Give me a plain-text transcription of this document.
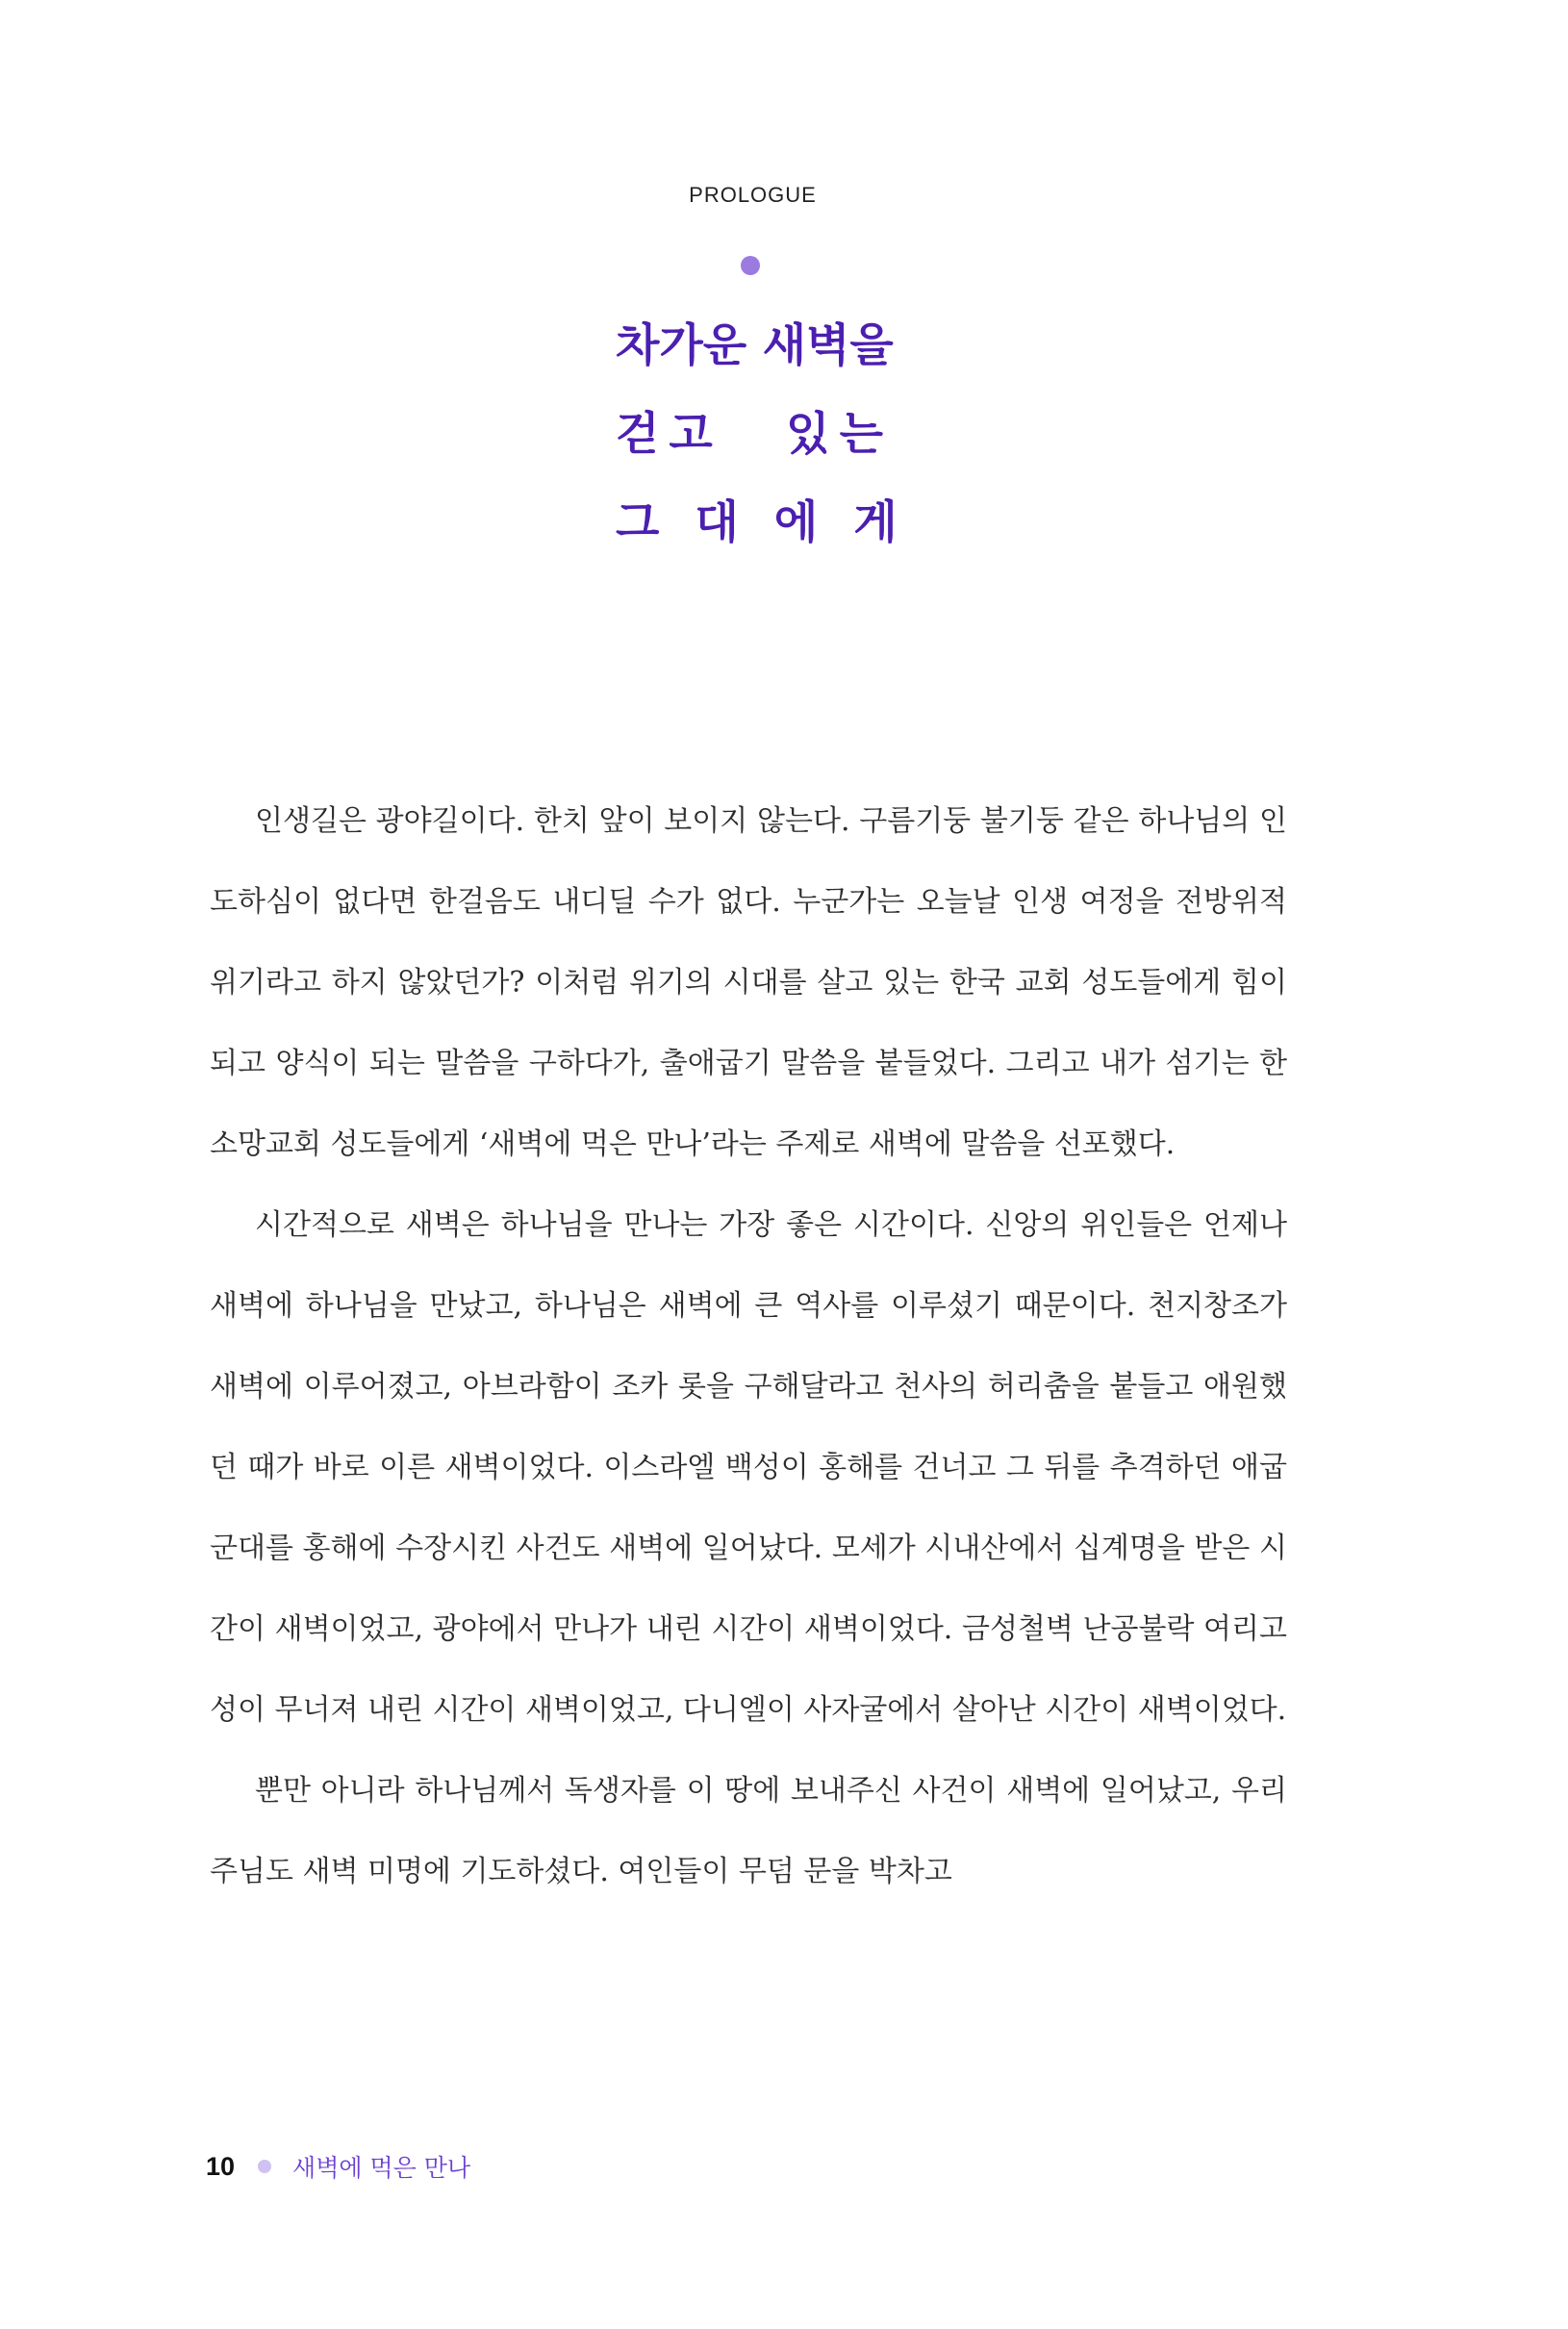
PROLOGUE
차가운 새벽을
걷고 있는
그대에게

인생길은 광야길이다. 한치 앞이 보이지 않는다. 구름기둥 불기둥 같은 하나님의 인도하심이 없다면 한걸음도 내디딜 수가 없다. 누군가는 오늘날 인생 여정을 전방위적 위기라고 하지 않았던가? 이처럼 위기의 시대를 살고 있는 한국 교회 성도들에게 힘이 되고 양식이 되는 말씀을 구하다가, 출애굽기 말씀을 붙들었다. 그리고 내가 섬기는 한소망교회 성도들에게 ‘새벽에 먹은 만나’라는 주제로 새벽에 말씀을 선포했다.

시간적으로 새벽은 하나님을 만나는 가장 좋은 시간이다. 신앙의 위인들은 언제나 새벽에 하나님을 만났고, 하나님은 새벽에 큰 역사를 이루셨기 때문이다. 천지창조가 새벽에 이루어졌고, 아브라함이 조카 롯을 구해달라고 천사의 허리춤을 붙들고 애원했던 때가 바로 이른 새벽이었다. 이스라엘 백성이 홍해를 건너고 그 뒤를 추격하던 애굽 군대를 홍해에 수장시킨 사건도 새벽에 일어났다. 모세가 시내산에서 십계명을 받은 시간이 새벽이었고, 광야에서 만나가 내린 시간이 새벽이었다. 금성철벽 난공불락 여리고 성이 무너져 내린 시간이 새벽이었고, 다니엘이 사자굴에서 살아난 시간이 새벽이었다.

뿐만 아니라 하나님께서 독생자를 이 땅에 보내주신 사건이 새벽에 일어났고, 우리 주님도 새벽 미명에 기도하셨다. 여인들이 무덤 문을 박차고

10 새벽에 먹은 만나
